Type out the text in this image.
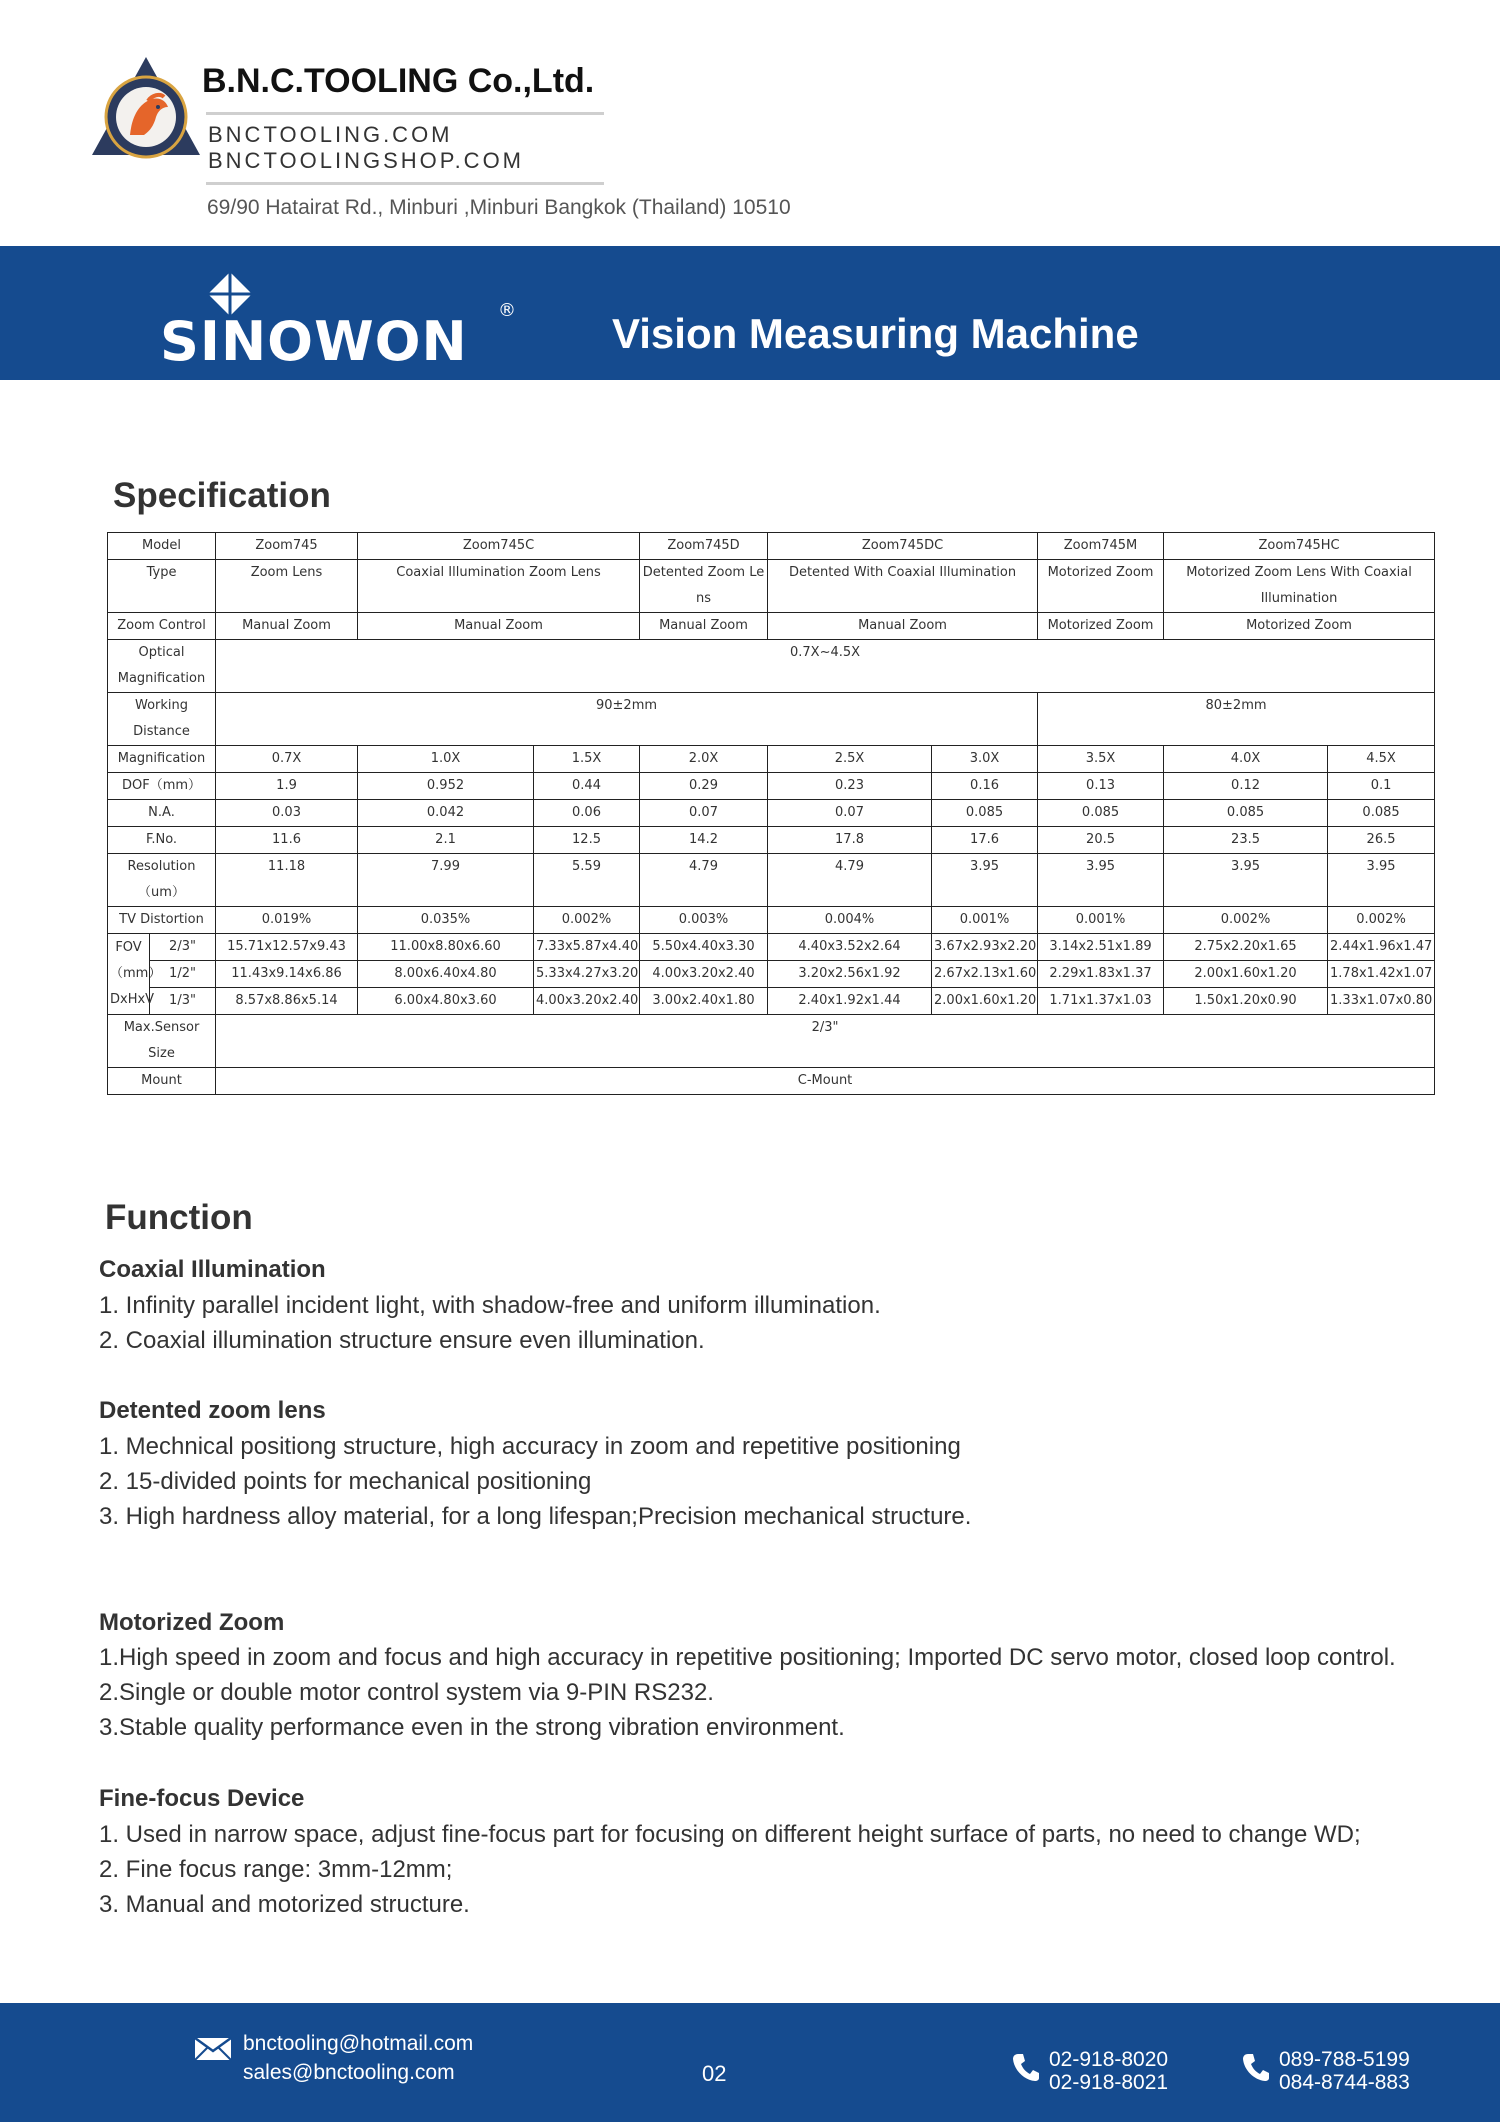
B.N.C.TOOLING Co.,Ltd.
BNCTOOLING.COM
BNCTOOLINGSHOP.COM
69/90 Hatairat Rd., Minburi ,Minburi Bangkok (Thailand) 10510
SINOWON ® Vision Measuring Machine
Specification
Model		Zoom745	Zoom745C		Zoom745D	Zoom745DC		Zoom745M	Zoom745HC	
Type		Zoom Lens	Coaxial Illumination Zoom Lens		Detented Zoom Le ns	Detented With Coaxial Illumination		Motorized Zoom	Motorized Zoom Lens With Coaxial Illumination	
Zoom Control		Manual Zoom	Manual Zoom		Manual Zoom	Manual Zoom		Motorized Zoom	Motorized Zoom	
Optical Magnification		0.7X~4.5X								
Working Distance		90±2mm						80±2mm		
Magnification		0.7X	1.0X	1.5X	2.0X	2.5X	3.0X	3.5X	4.0X	4.5X
DOF（mm）		1.9	0.952	0.44	0.29	0.23	0.16	0.13	0.12	0.1
N.A.		0.03	0.042	0.06	0.07	0.07	0.085	0.085	0.085	0.085
F.No.		11.6	2.1	12.5	14.2	17.8	17.6	20.5	23.5	26.5
Resolution（um）		11.18	7.99	5.59	4.79	4.79	3.95	3.95	3.95	3.95
TV Distortion		0.019%	0.035%	0.002%	0.003%	0.004%	0.001%	0.001%	0.002%	0.002%
FOV（mm）DxHxV	2/3"	15.71x12.57x9.43	11.00x8.80x6.60	7.33x5.87x4.40	5.50x4.40x3.30	4.40x3.52x2.64	3.67x2.93x2.20	3.14x2.51x1.89	2.75x2.20x1.65	2.44x1.96x1.47
	1/2"	11.43x9.14x6.86	8.00x6.40x4.80	5.33x4.27x3.20	4.00x3.20x2.40	3.20x2.56x1.92	2.67x2.13x1.60	2.29x1.83x1.37	2.00x1.60x1.20	1.78x1.42x1.07
	1/3"	8.57x8.86x5.14	6.00x4.80x3.60	4.00x3.20x2.40	3.00x2.40x1.80	2.40x1.92x1.44	2.00x1.60x1.20	1.71x1.37x1.03	1.50x1.20x0.90	1.33x1.07x0.80
Max.Sensor Size		2/3"								
Mount		C-Mount								
Function
Coaxial Illumination
1. Infinity parallel incident light, with shadow-free and uniform illumination.
2. Coaxial illumination structure ensure even illumination.
Detented zoom lens
1. Mechnical positiong structure, high accuracy in zoom and repetitive positioning
2. 15-divided points for mechanical positioning
3. High hardness alloy material, for a long lifespan;Precision mechanical structure.
Motorized Zoom
1.High speed in zoom and focus and high accuracy in repetitive positioning; Imported DC servo motor, closed loop control.
2.Single or double motor control system via 9-PIN RS232.
3.Stable quality performance even in the strong vibration environment.
Fine-focus Device
1. Used in narrow space, adjust fine-focus part for focusing on different height surface of parts, no need to change WD;
2. Fine focus range: 3mm-12mm;
3. Manual and motorized structure.
bnctooling@hotmail.com
sales@bnctooling.com	02
02-918-8020
02-918-8021
089-788-5199
084-8744-883
